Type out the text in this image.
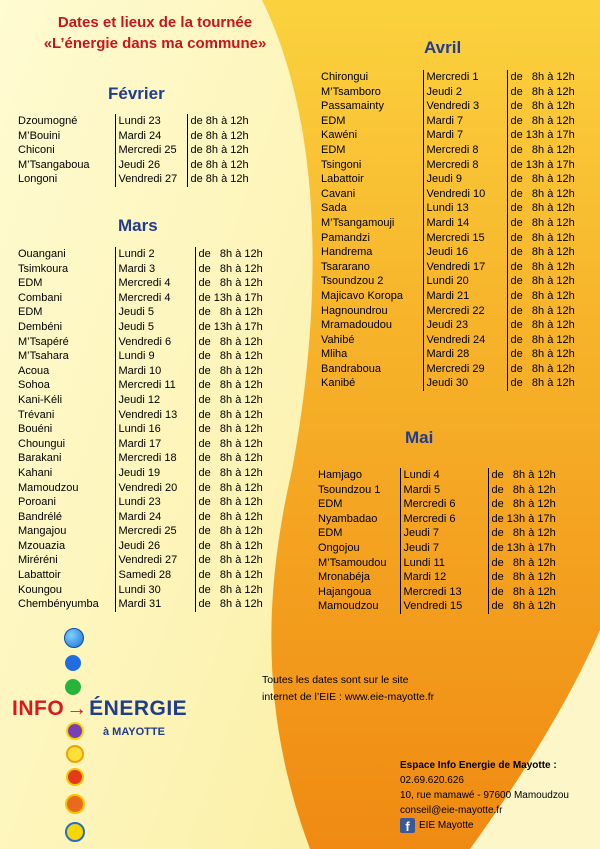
Dates et lieux de la tournée
«L’énergie dans ma commune»
Février
Dzoumogné	Lundi 23	de 8h à 12h
M’Bouini	Mardi 24	de 8h à 12h
Chiconi	Mercredi 25	de 8h à 12h
M’Tsangaboua	Jeudi 26	de 8h à 12h
Longoni	Vendredi 27	de 8h à 12h
Mars
Ouangani	Lundi 2	de   8h à 12h
Tsimkoura	Mardi 3	de   8h à 12h
EDM	Mercredi 4	de   8h à 12h
Combani	Mercredi 4	de 13h à 17h
EDM	Jeudi 5	de   8h à 12h
Dembéni	Jeudi 5	de 13h à 17h
M’Tsapéré	Vendredi 6	de   8h à 12h
M’Tsahara	Lundi 9	de   8h à 12h
Acoua	Mardi 10	de   8h à 12h
Sohoa	Mercredi 11	de   8h à 12h
Kani-Kéli	Jeudi 12	de   8h à 12h
Trévani	Vendredi 13	de   8h à 12h
Bouéni	Lundi 16	de   8h à 12h
Choungui	Mardi 17	de   8h à 12h
Barakani	Mercredi 18	de   8h à 12h
Kahani	Jeudi 19	de   8h à 12h
Mamoudzou	Vendredi 20	de   8h à 12h
Poroani	Lundi 23	de   8h à 12h
Bandrélé	Mardi 24	de   8h à 12h
Mangajou	Mercredi 25	de   8h à 12h
Mzouazia	Jeudi 26	de   8h à 12h
Miréréni	Vendredi 27	de   8h à 12h
Labattoir	Samedi 28	de   8h à 12h
Koungou	Lundi 30	de   8h à 12h
Chembényumba	Mardi 31	de   8h à 12h
Avril
Chirongui	Mercredi 1	de   8h à 12h
M’Tsamboro	Jeudi 2	de   8h à 12h
Passamainty	Vendredi 3	de   8h à 12h
EDM	Mardi 7	de   8h à 12h
Kawéni	Mardi 7	de 13h à 17h
EDM	Mercredi 8	de   8h à 12h
Tsingoni	Mercredi 8	de 13h à 17h
Labattoir	Jeudi 9	de   8h à 12h
Cavani	Vendredi 10	de   8h à 12h
Sada	Lundi 13	de   8h à 12h
M’Tsangamouji	Mardi 14	de   8h à 12h
Pamandzi	Mercredi 15	de   8h à 12h
Handrema	Jeudi 16	de   8h à 12h
Tsararano	Vendredi 17	de   8h à 12h
Tsoundzou 2	Lundi 20	de   8h à 12h
Majicavo Koropa	Mardi 21	de   8h à 12h
Hagnoundrou	Mercredi 22	de   8h à 12h
Mramadoudou	Jeudi 23	de   8h à 12h
Vahibé	Vendredi 24	de   8h à 12h
Mliha	Mardi 28	de   8h à 12h
Bandraboua	Mercredi 29	de   8h à 12h
Kanibé	Jeudi 30	de   8h à 12h
Mai
Hamjago	Lundi 4	de   8h à 12h
Tsoundzou 1	Mardi 5	de   8h à 12h
EDM	Mercredi 6	de   8h à 12h
Nyambadao	Mercredi 6	de 13h à 17h
EDM	Jeudi 7	de   8h à 12h
Ongojou	Jeudi 7	de 13h à 17h
M’Tsamoudou	Lundi 11	de   8h à 12h
Mronabéja	Mardi 12	de   8h à 12h
Hajangoua	Mercredi 13	de   8h à 12h
Mamoudzou	Vendredi 15	de   8h à 12h
Toutes les dates sont sur le site
internet de l’EIE : www.eie-mayotte.fr
INFO→ÉNERGIE
à MAYOTTE
Espace Info Energie de Mayotte :
02.69.620.626
10, rue mamawé - 97600 Mamoudzou
conseil@eie-mayotte.fr
f EIE Mayotte
